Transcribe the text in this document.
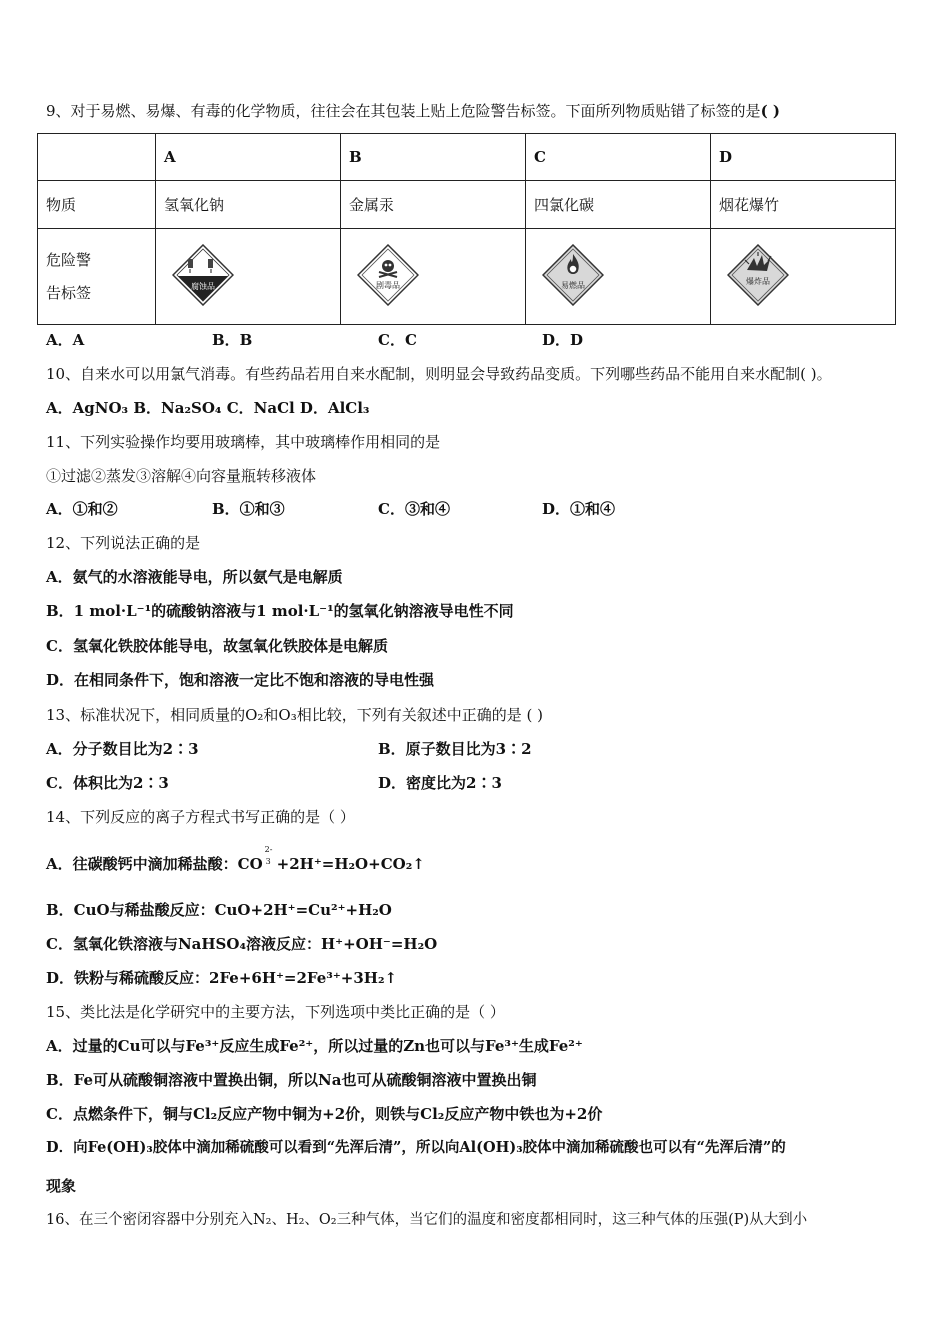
9、对于易燃、易爆、有毒的化学物质，往往会在其包装上贴上危险警告标签。下面所列物质贴错了标签的是( )
	A	B	C	D
物质	氢氧化钠	金属汞	四氯化碳	烟花爆竹

危险警
告标签	腐蚀品	剧毒品	易燃品	爆炸品
A．A	B．B	C．C	D．D
10、自来水可以用氯气消毒。有些药品若用自来水配制，则明显会导致药品变质。下列哪些药品不能用自来水配制( )。
A．AgNO₃ B．Na₂SO₄ C．NaCl D．AlCl₃
11、下列实验操作均要用玻璃棒，其中玻璃棒作用相同的是
①过滤②蒸发③溶解④向容量瓶转移液体
A．①和②	B．①和③	C．③和④	D．①和④
12、下列说法正确的是
A．氨气的水溶液能导电，所以氨气是电解质
B．1 mol·L⁻¹的硫酸钠溶液与1 mol·L⁻¹的氢氧化钠溶液导电性不同
C．氢氧化铁胶体能导电，故氢氧化铁胶体是电解质
D．在相同条件下，饱和溶液一定比不饱和溶液的导电性强
13、标准状况下，相同质量的O₂和O₃相比较，下列有关叙述中正确的是 ( )
A．分子数目比为2∶3	B．原子数目比为3∶2
C．体积比为2∶3	D．密度比为2∶3
14、下列反应的离子方程式书写正确的是（ ）
A．往碳酸钙中滴加稀盐酸：CO
2-
3 +2H⁺=H₂O+CO₂↑
B．CuO与稀盐酸反应：CuO+2H⁺=Cu²⁺+H₂O
C．氢氧化铁溶液与NaHSO₄溶液反应：H⁺+OH⁻=H₂O
D．铁粉与稀硫酸反应：2Fe+6H⁺=2Fe³⁺+3H₂↑
15、类比法是化学研究中的主要方法，下列选项中类比正确的是（ ）
A．过量的Cu可以与Fe³⁺反应生成Fe²⁺，所以过量的Zn也可以与Fe³⁺生成Fe²⁺
B．Fe可从硫酸铜溶液中置换出铜，所以Na也可从硫酸铜溶液中置换出铜
C．点燃条件下，铜与Cl₂反应产物中铜为+2价，则铁与Cl₂反应产物中铁也为+2价
D．向Fe(OH)₃胶体中滴加稀硫酸可以看到“先浑后清”，所以向Al(OH)₃胶体中滴加稀硫酸也可以有“先浑后清”的
现象
16、在三个密闭容器中分别充入N₂、H₂、O₂三种气体，当它们的温度和密度都相同时，这三种气体的压强(P)从大到小
